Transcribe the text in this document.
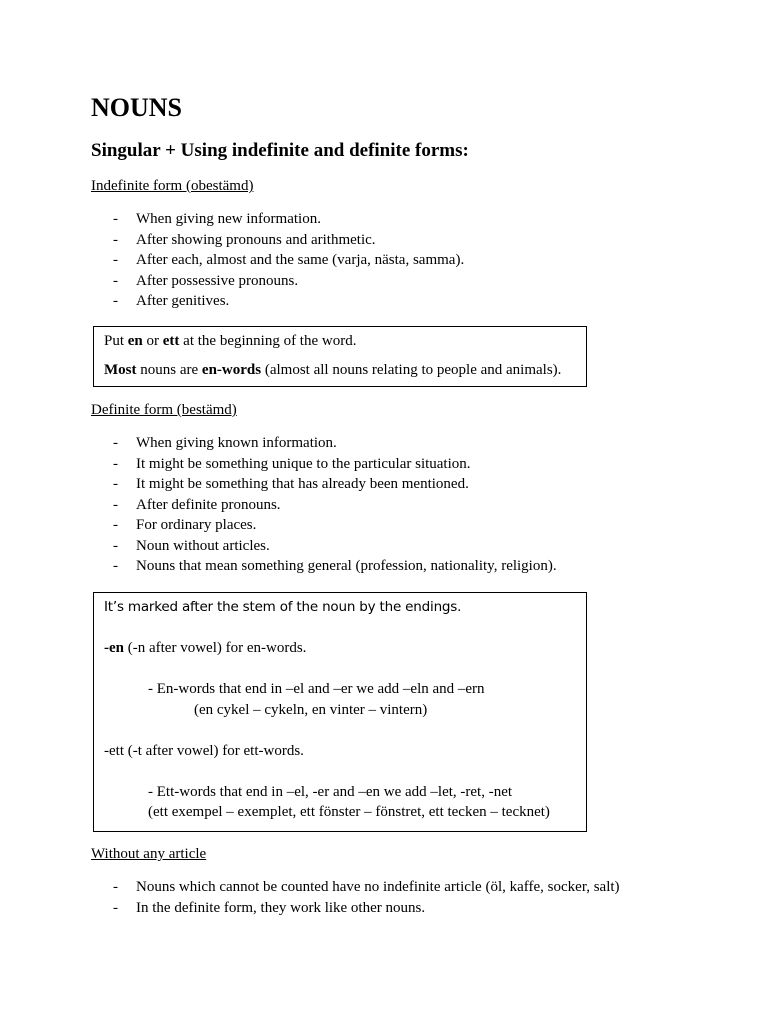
NOUNS
Singular + Using indefinite and definite forms:

Indefinite form (obestämd)

- When giving new information.
- After showing pronouns and arithmetic.
- After each, almost and the same (varja, nästa, samma).
- After possessive pronouns.
- After genitives.

Put en or ett at the beginning of the word.

Most nouns are en-words (almost all nouns relating to people and animals).

Definite form (bestämd)

- When giving known information.
- It might be something unique to the particular situation.
- It might be something that has already been mentioned.
- After definite pronouns.
- For ordinary places.
- Noun without articles.
- Nouns that mean something general (profession, nationality, religion).

It’s marked after the stem of the noun by the endings.

-en (-n after vowel) for en-words.

- En-words that end in –el and –er we add –eln and –ern

(en cykel – cykeln, en vinter – vintern)

-ett (-t after vowel) for ett-words.

- Ett-words that end in –el, -er and –en we add –let, -ret, -net

(ett exempel – exemplet, ett fönster – fönstret, ett tecken – tecknet)

Without any article

- Nouns which cannot be counted have no indefinite article (öl, kaffe, socker, salt)
- In the definite form, they work like other nouns.
